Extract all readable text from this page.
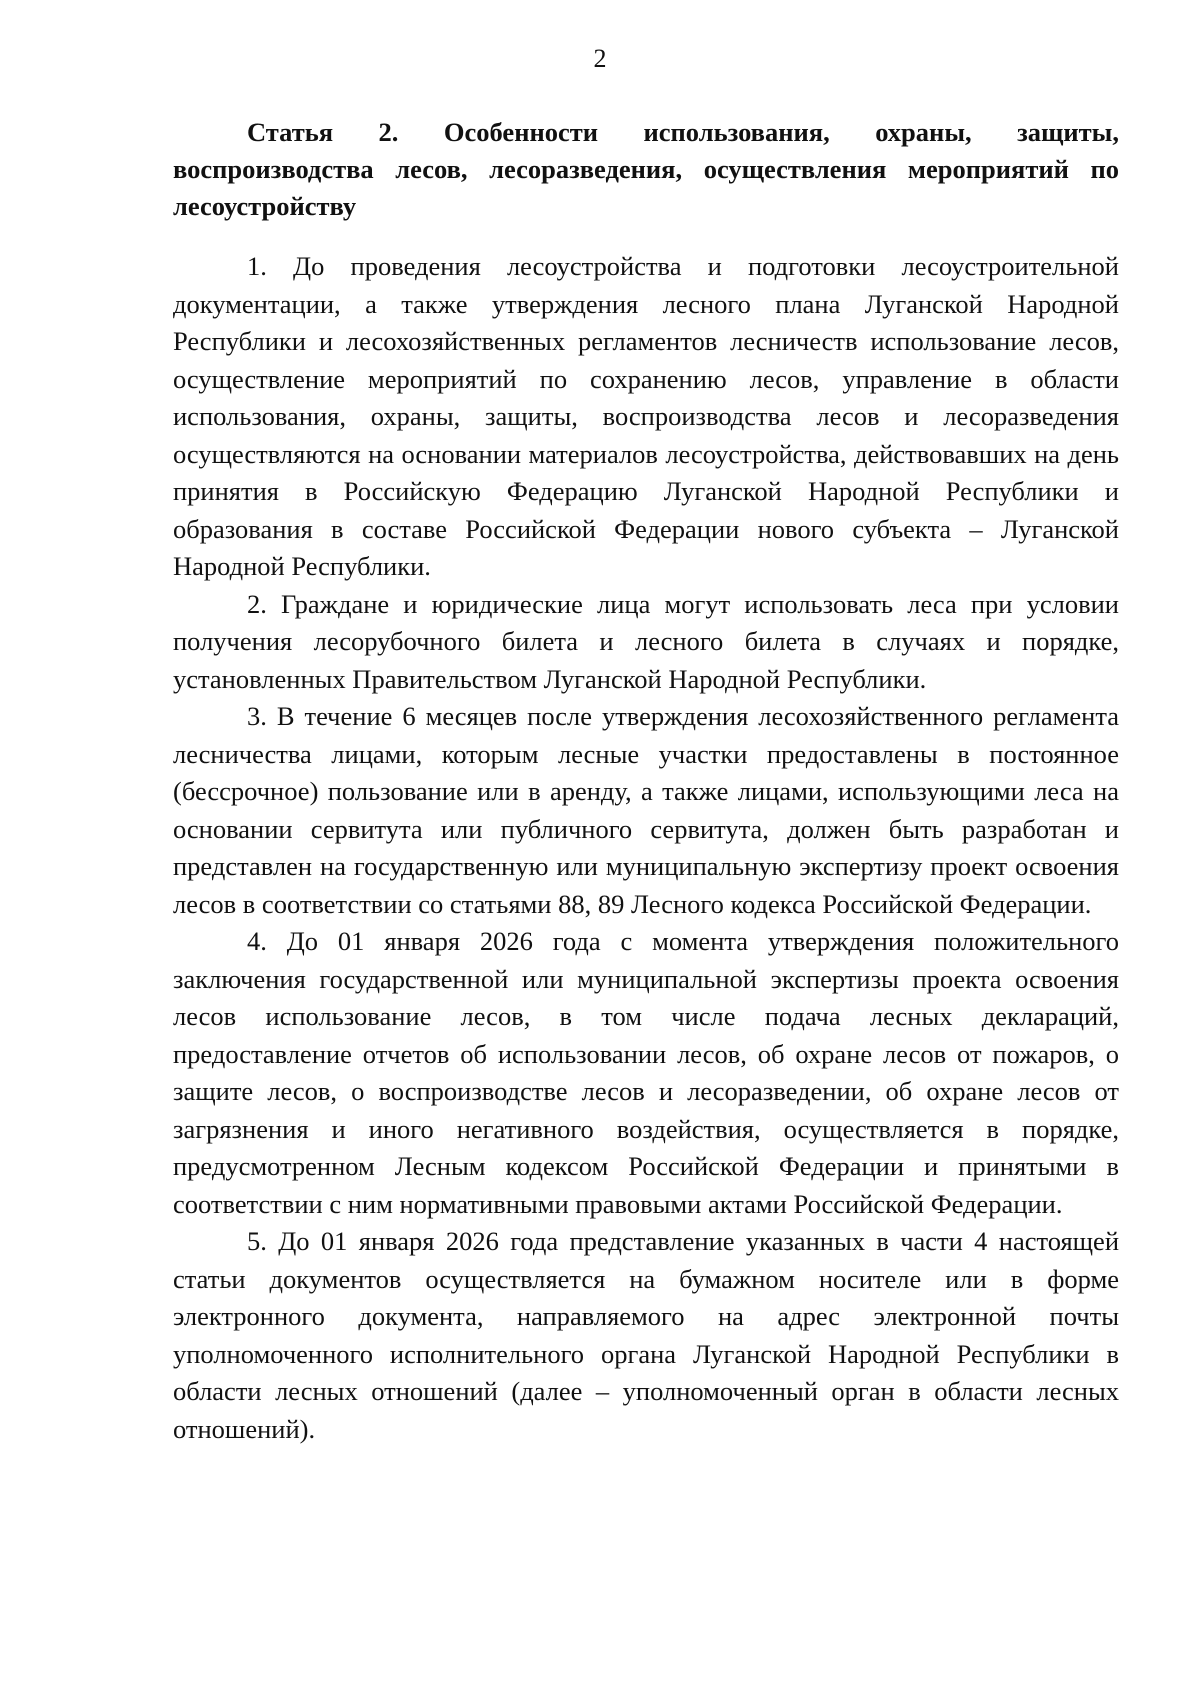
2

Статья 2. Особенности использования, охраны, защиты, воспроизводства лесов, лесоразведения, осуществления мероприятий по лесоустройству

1. До проведения лесоустройства и подготовки лесоустроительной документации, а также утверждения лесного плана Луганской Народной Республики и лесохозяйственных регламентов лесничеств использование лесов, осуществление мероприятий по сохранению лесов, управление в области использования, охраны, защиты, воспроизводства лесов и лесоразведения осуществляются на основании материалов лесоустройства, действовавших на день принятия в Российскую Федерацию Луганской Народной Республики и образования в составе Российской Федерации нового субъекта – Луганской Народной Республики.

2. Граждане и юридические лица могут использовать леса при условии получения лесорубочного билета и лесного билета в случаях и порядке, установленных Правительством Луганской Народной Республики.

3. В течение 6 месяцев после утверждения лесохозяйственного регламента лесничества лицами, которым лесные участки предоставлены в постоянное (бессрочное) пользование или в аренду, а также лицами, использующими леса на основании сервитута или публичного сервитута, должен быть разработан и представлен на государственную или муниципальную экспертизу проект освоения лесов в соответствии со статьями 88, 89 Лесного кодекса Российской Федерации.

4. До 01 января 2026 года с момента утверждения положительного заключения государственной или муниципальной экспертизы проекта освоения лесов использование лесов, в том числе подача лесных деклараций, предоставление отчетов об использовании лесов, об охране лесов от пожаров, о защите лесов, о воспроизводстве лесов и лесоразведении, об охране лесов от загрязнения и иного негативного воздействия, осуществляется в порядке, предусмотренном Лесным кодексом Российской Федерации и принятыми в соответствии с ним нормативными правовыми актами Российской Федерации.

5. До 01 января 2026 года представление указанных в части 4 настоящей статьи документов осуществляется на бумажном носителе или в форме электронного документа, направляемого на адрес электронной почты уполномоченного исполнительного органа Луганской Народной Республики в области лесных отношений (далее – уполномоченный орган в области лесных отношений).
